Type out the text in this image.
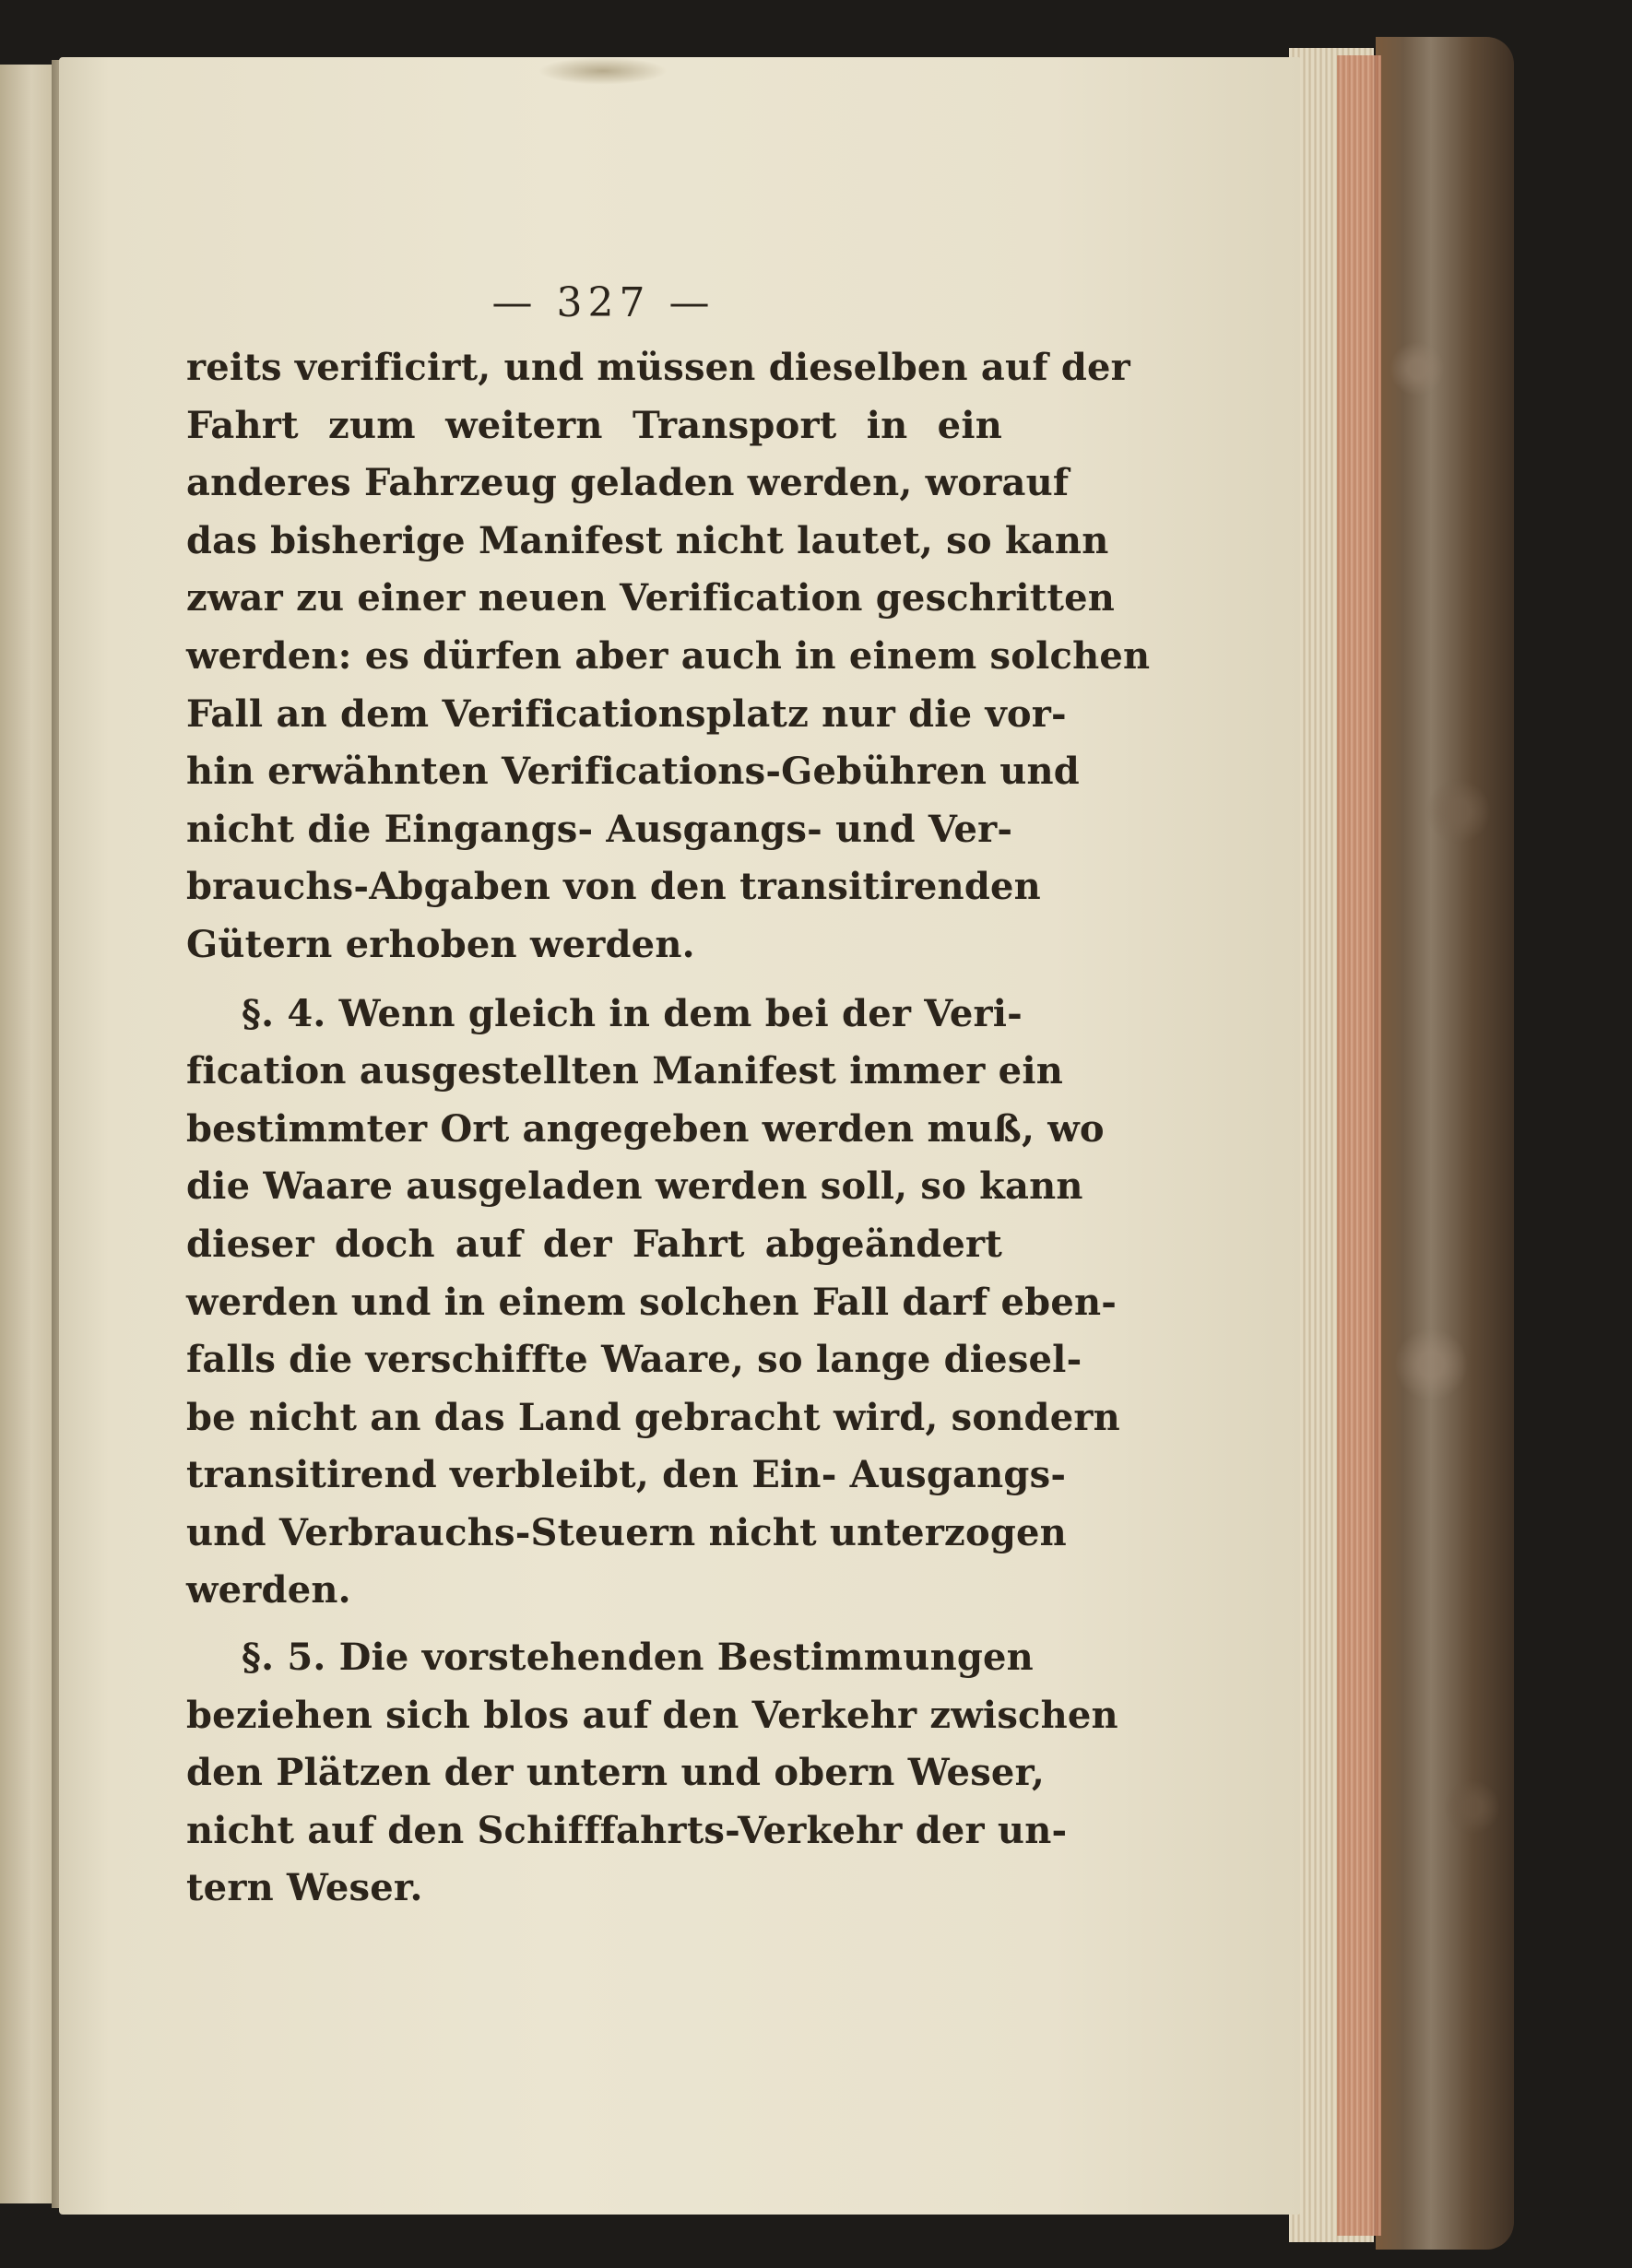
— 327 —
reits verificirt, und müssen dieselben auf der
Fahrt zum weitern Transport in ein
anderes Fahrzeug geladen werden, worauf
das bisherige Manifest nicht lautet, so kann
zwar zu einer neuen Verification geschritten
werden: es dürfen aber auch in einem solchen
Fall an dem Verificationsplatz nur die vor-
hin erwähnten Verifications-Gebühren und
nicht die Eingangs- Ausgangs- und Ver-
brauchs-Abgaben von den transitirenden
Gütern erhoben werden.
§. 4. Wenn gleich in dem bei der Veri-
fication ausgestellten Manifest immer ein
bestimmter Ort angegeben werden muß, wo
die Waare ausgeladen werden soll, so kann
dieser doch auf der Fahrt abgeändert
werden und in einem solchen Fall darf eben-
falls die verschiffte Waare, so lange diesel-
be nicht an das Land gebracht wird, sondern
transitirend verbleibt, den Ein- Ausgangs-
und Verbrauchs-Steuern nicht unterzogen
werden.
§. 5. Die vorstehenden Bestimmungen
beziehen sich blos auf den Verkehr zwischen
den Plätzen der untern und obern Weser,
nicht auf den Schifffahrts-Verkehr der un-
tern Weser.
